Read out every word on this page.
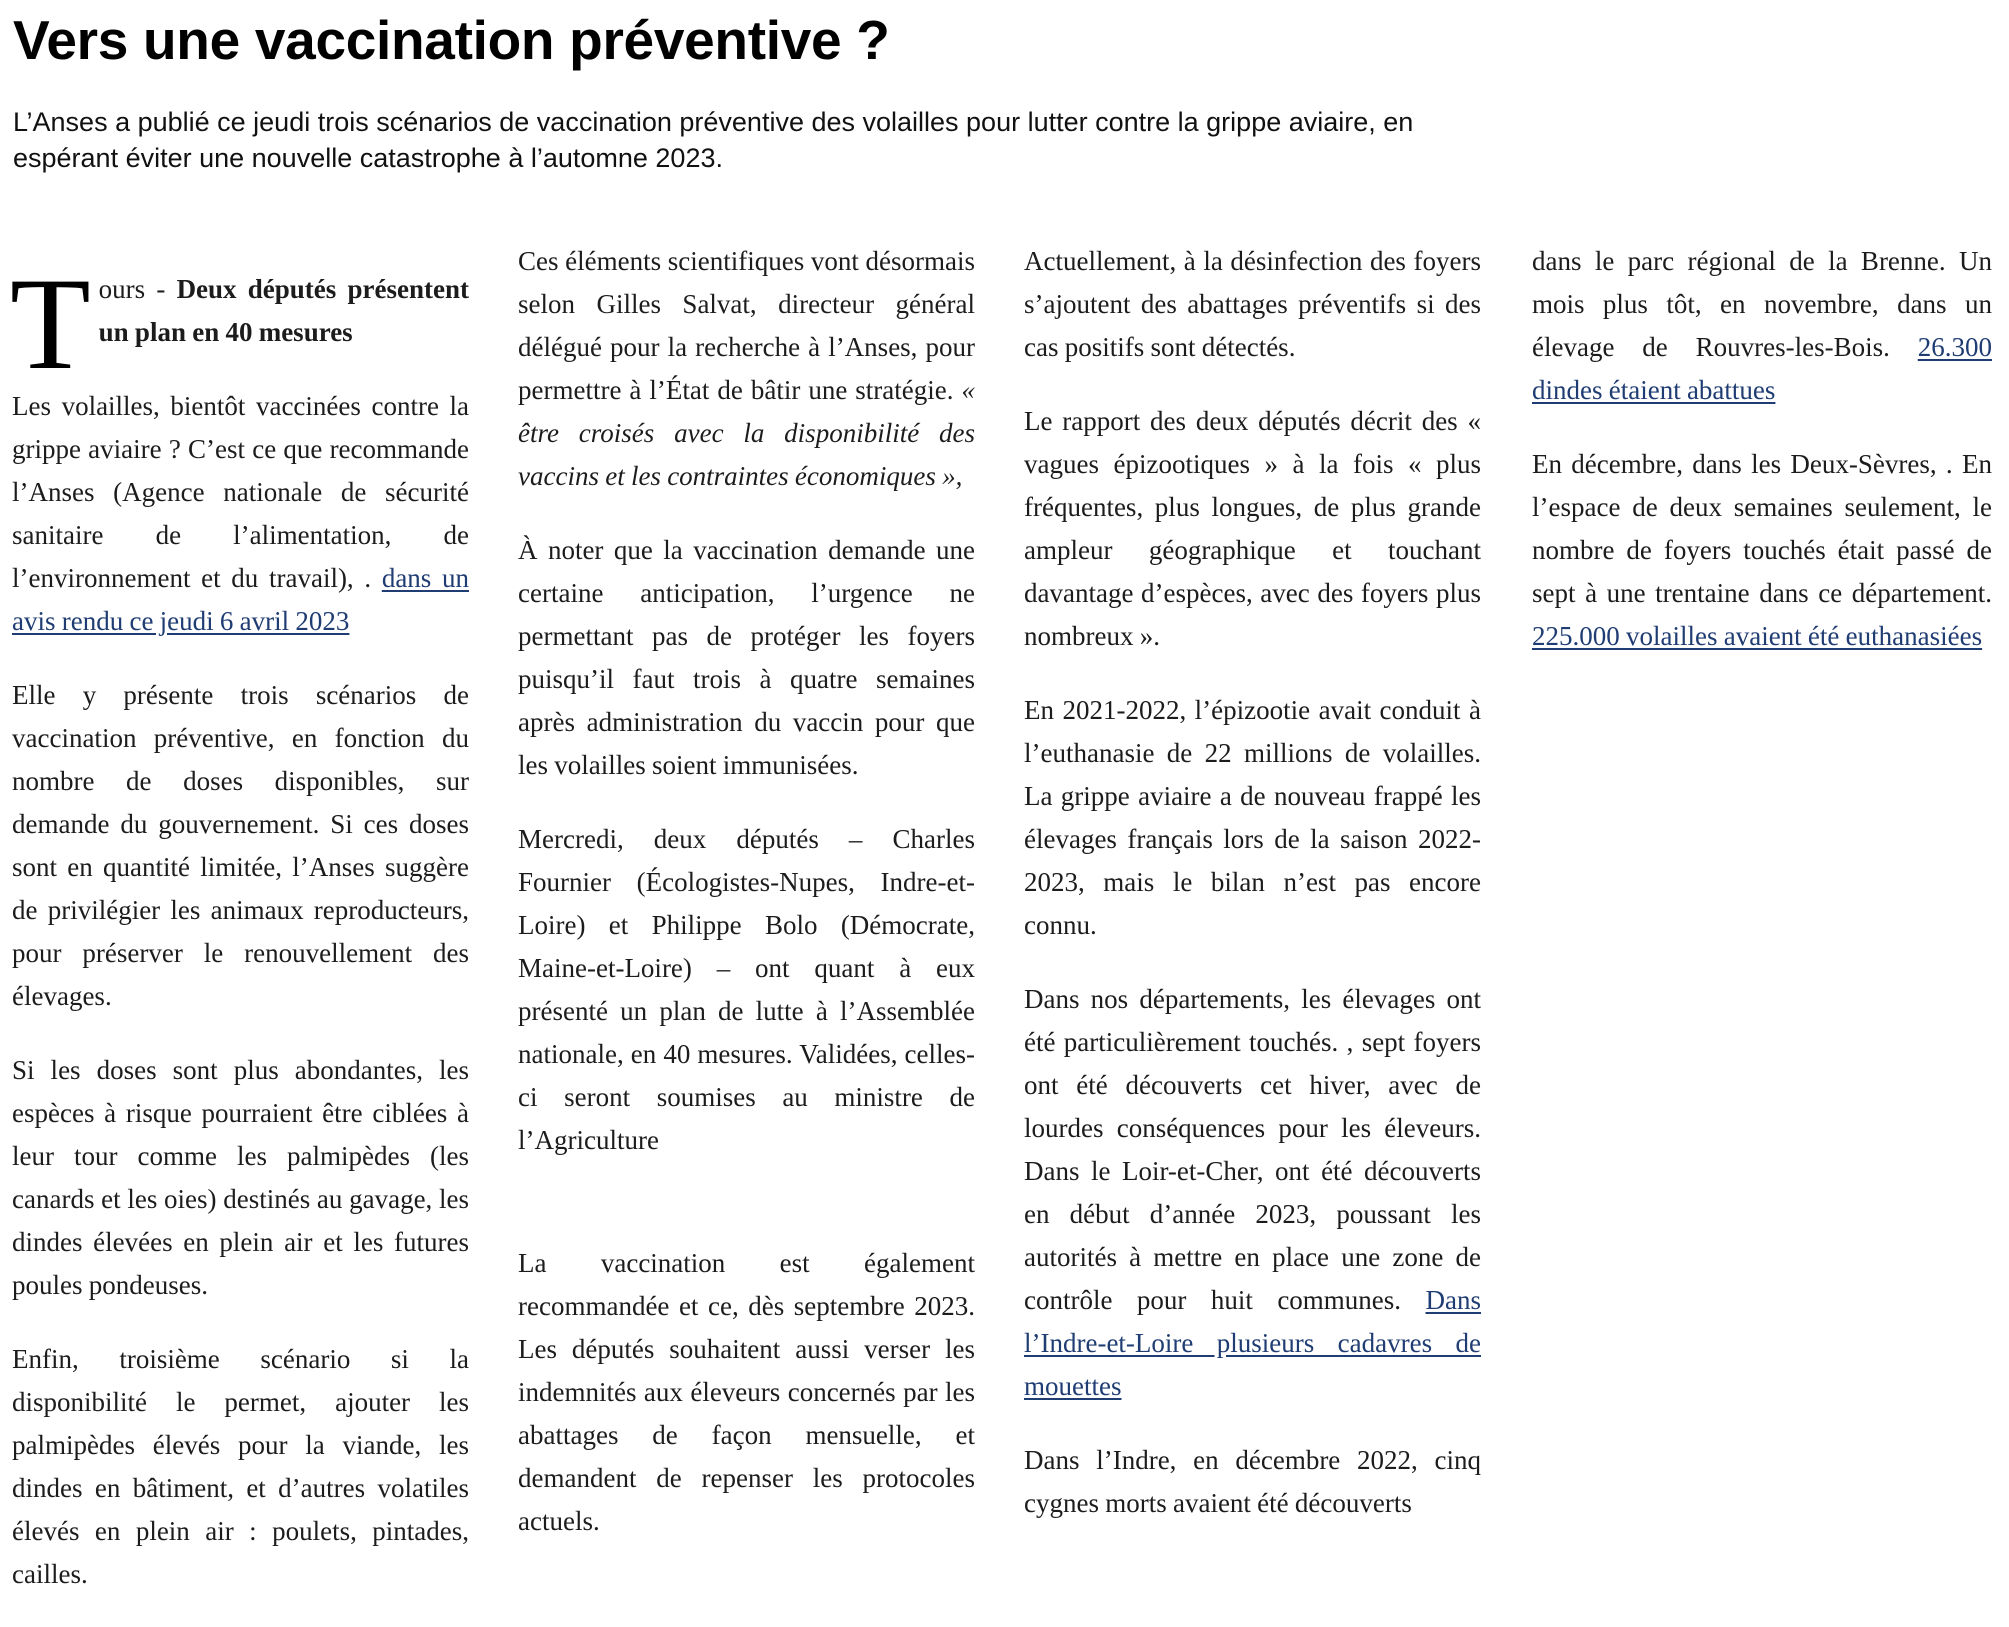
Vers une vaccination préventive ?

L’Anses a publié ce jeudi trois scénarios de vaccination préventive des volailles pour lutter contre la grippe aviaire, en espérant éviter une nouvelle catastrophe à l’automne 2023.

Tours - Deux députés présentent un plan en 40 mesures

Les volailles, bientôt vaccinées contre la grippe aviaire ? C’est ce que recommande l’Anses (Agence nationale de sécurité sanitaire de l’alimentation, de l’environnement et du travail), . dans un avis rendu ce jeudi 6 avril 2023

Elle y présente trois scénarios de vaccination préventive, en fonction du nombre de doses disponibles, sur demande du gouvernement. Si ces doses sont en quantité limitée, l’Anses suggère de privilégier les animaux reproducteurs, pour préserver le renouvellement des élevages.

Si les doses sont plus abondantes, les espèces à risque pourraient être ciblées à leur tour comme les palmipèdes (les canards et les oies) destinés au gavage, les dindes élevées en plein air et les futures poules pondeuses.

Enfin, troisième scénario si la disponibilité le permet, ajouter les palmipèdes élevés pour la viande, les dindes en bâtiment, et d’autres volatiles élevés en plein air : poulets, pintades, cailles.

Ces éléments scientifiques vont désormais selon Gilles Salvat, directeur général délégué pour la recherche à l’Anses, pour permettre à l’État de bâtir une stratégie. « être croisés avec la disponibilité des vaccins et les contraintes économiques »,

À noter que la vaccination demande une certaine anticipation, l’urgence ne permettant pas de protéger les foyers puisqu’il faut trois à quatre semaines après administration du vaccin pour que les volailles soient immunisées.

Mercredi, deux députés – Charles Fournier (Écologistes-Nupes, Indre-et-Loire) et Philippe Bolo (Démocrate, Maine-et-Loire) – ont quant à eux présenté un plan de lutte à l’Assemblée nationale, en 40 mesures. Validées, celles-ci seront soumises au ministre de l’Agriculture

La vaccination est également recommandée et ce, dès septembre 2023. Les députés souhaitent aussi verser les indemnités aux éleveurs concernés par les abattages de façon mensuelle, et demandent de repenser les protocoles actuels.

Actuellement, à la désinfection des foyers s’ajoutent des abattages préventifs si des cas positifs sont détectés.

Le rapport des deux députés décrit des « vagues épizootiques » à la fois « plus fréquentes, plus longues, de plus grande ampleur géographique et touchant davantage d’espèces, avec des foyers plus nombreux ».

En 2021-2022, l’épizootie avait conduit à l’euthanasie de 22 millions de volailles. La grippe aviaire a de nouveau frappé les élevages français lors de la saison 2022-2023, mais le bilan n’est pas encore connu.

Dans nos départements, les élevages ont été particulièrement touchés. , sept foyers ont été découverts cet hiver, avec de lourdes conséquences pour les éleveurs. Dans le Loir-et-Cher, ont été découverts en début d’année 2023, poussant les autorités à mettre en place une zone de contrôle pour huit communes. Dans l’Indre-et-Loire plusieurs cadavres de mouettes

Dans l’Indre, en décembre 2022, cinq cygnes morts avaient été découverts

dans le parc régional de la Brenne. Un mois plus tôt, en novembre, dans un élevage de Rouvres-les-Bois. 26.300 dindes étaient abattues

En décembre, dans les Deux-Sèvres, . En l’espace de deux semaines seulement, le nombre de foyers touchés était passé de sept à une trentaine dans ce département. 225.000 volailles avaient été euthanasiées
